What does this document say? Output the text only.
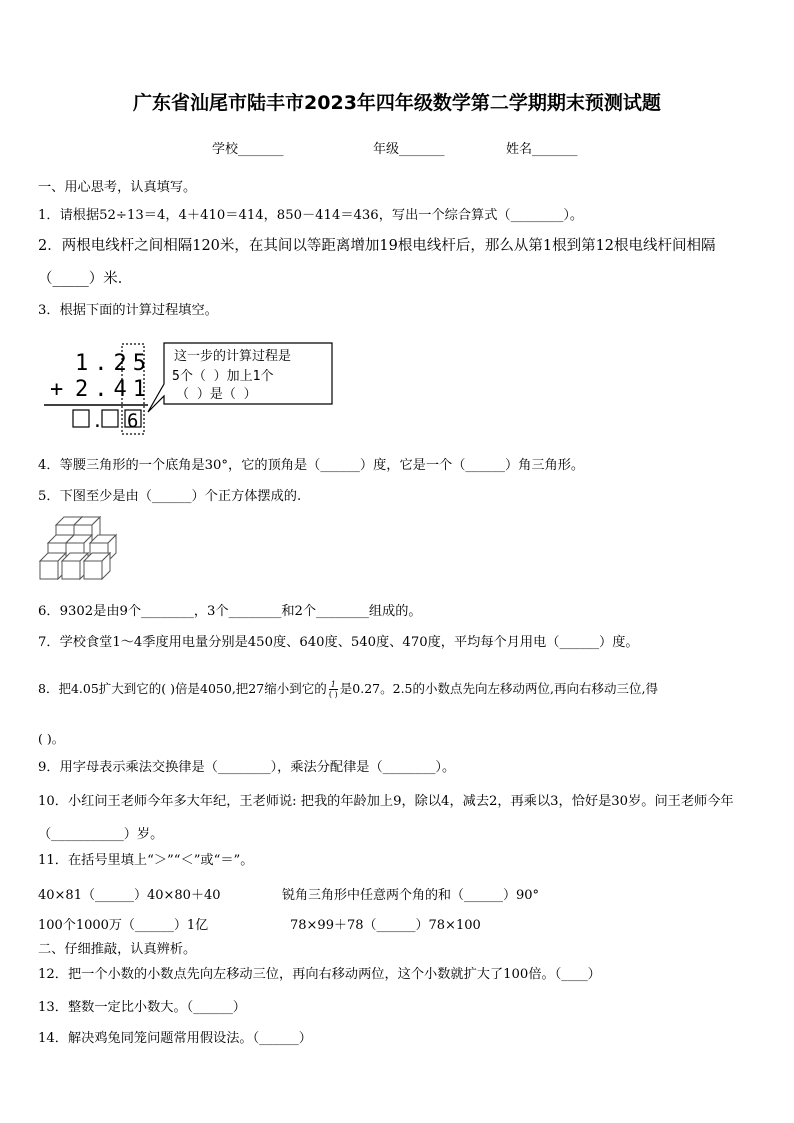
广东省汕尾市陆丰市2023年四年级数学第二学期期末预测试题
学校_______	年级_______	姓名_______
一、用心思考，认真填写。
1．请根据52÷13＝4，4＋410＝414，850－414＝436，写出一个综合算式（________）。
2．两根电线杆之间相隔120米，在其间以等距离增加19根电线杆后，那么从第1根到第12根电线杆间相隔（_____）米．
3．根据下面的计算过程填空。
1.25
+ 2.41
. 6
这一步的计算过程是
5个（ ）加上1个
（ ）是（ ）
4．等腰三角形的一个底角是30°，它的顶角是（______）度，它是一个（______）角三角形。
5．下图至少是由（______）个正方体摆成的.
6．9302是由9个________，3个________和2个________组成的。
7．学校食堂1～4季度用电量分别是450度、640度、540度、470度，平均每个月用电（______）度。
8．把4.05扩大到它的( )倍是4050,把27缩小到它的 $\frac{1}{( )}$ 是0.27。2.5的小数点先向左移动两位,再向右移动三位,得
( )。
9．用字母表示乘法交换律是（________），乘法分配律是（________）。
10．小红问王老师今年多大年纪，王老师说: 把我的年龄加上9，除以4，减去2，再乘以3，恰好是30岁。问王老师今年（___________）岁。
11．在括号里填上“＞”“＜”或“＝”。
40×81（______）40×80＋40	锐角三角形中任意两个角的和（______）90°
100个1000万（______）1亿	78×99＋78（______）78×100
二、仔细推敲，认真辨析。
12．把一个小数的小数点先向左移动三位，再向右移动两位，这个小数就扩大了100倍。（____）
13．整数一定比小数大。（______）
14．解决鸡兔同笼问题常用假设法。（______）
